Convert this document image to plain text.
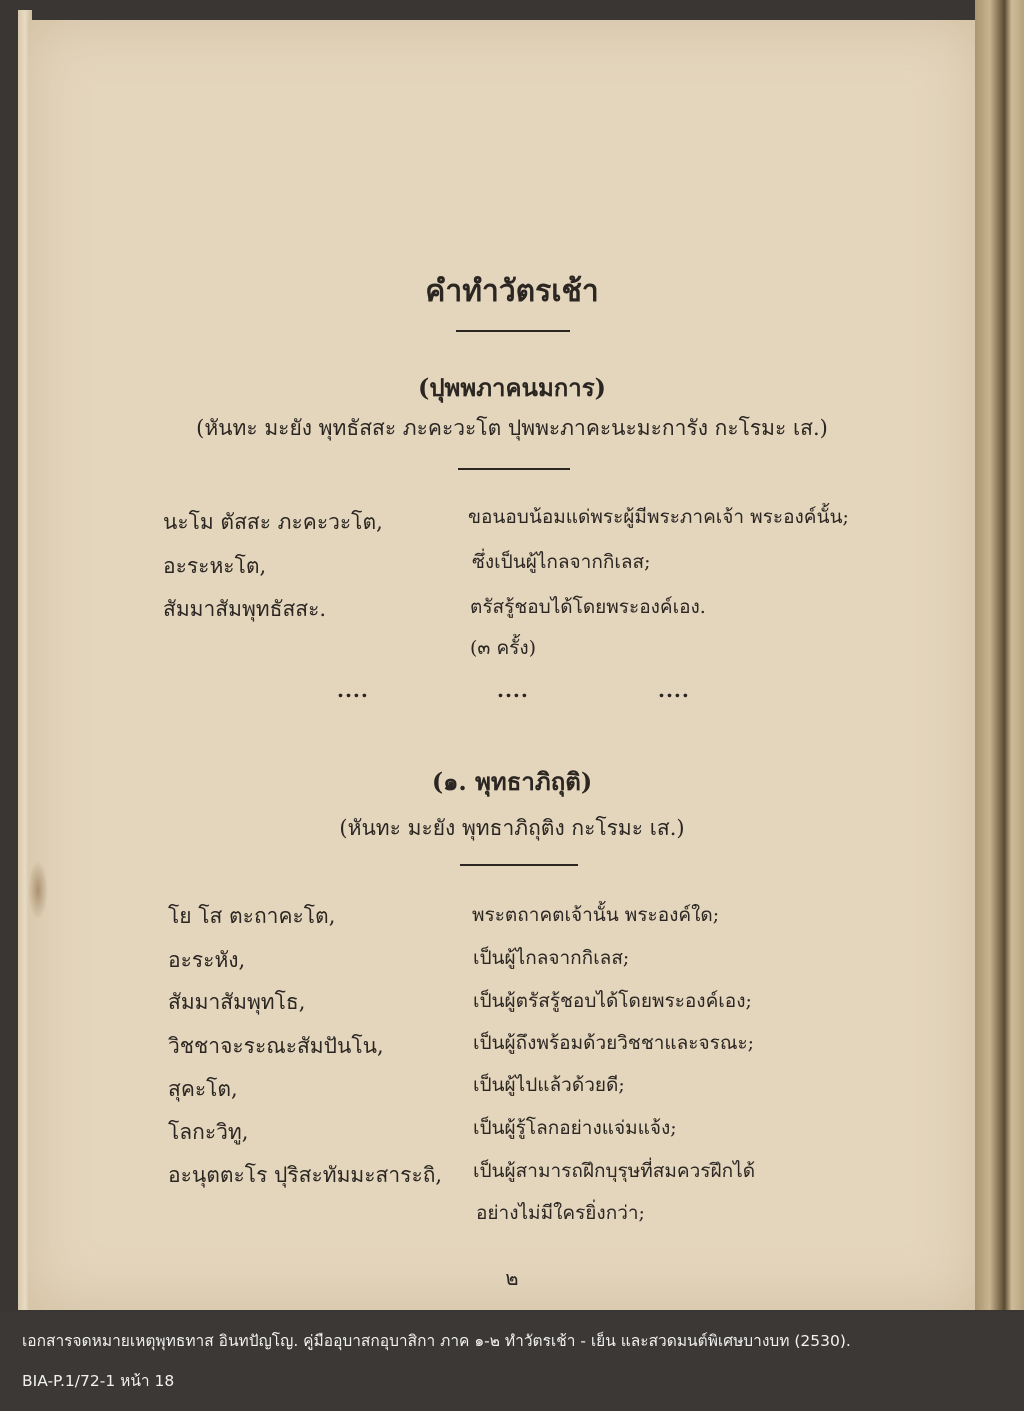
คำทำวัตรเช้า
(ปุพพภาคนมการ)
(หันทะ มะยัง พุทธัสสะ ภะคะวะโต ปุพพะภาคะนะมะการัง กะโรมะ เส.)
นะโม ตัสสะ ภะคะวะโต,	ขอนอบน้อมแด่พระผู้มีพระภาคเจ้า พระองค์นั้น;
อะระหะโต,	ซึ่งเป็นผู้ไกลจากกิเลส;
สัมมาสัมพุทธัสสะ.	ตรัสรู้ชอบได้โดยพระองค์เอง.
(๓ ครั้ง)
....	....	....
(๑. พุทธาภิถุติ)
(หันทะ มะยัง พุทธาภิถุติง กะโรมะ เส.)
โย โส ตะถาคะโต,	พระตถาคตเจ้านั้น พระองค์ใด;
อะระหัง,	เป็นผู้ไกลจากกิเลส;
สัมมาสัมพุทโธ,	เป็นผู้ตรัสรู้ชอบได้โดยพระองค์เอง;
วิชชาจะระณะสัมปันโน,	เป็นผู้ถึงพร้อมด้วยวิชชาและจรณะ;
สุคะโต,	เป็นผู้ไปแล้วด้วยดี;
โลกะวิทู,	เป็นผู้รู้โลกอย่างแจ่มแจ้ง;
อะนุตตะโร ปุริสะทัมมะสาระถิ, เป็นผู้สามารถฝึกบุรุษที่สมควรฝึกได้
อย่างไม่มีใครยิ่งกว่า;
๒
เอกสารจดหมายเหตุพุทธทาส อินทปัญโญ. คู่มืออุบาสกอุบาสิกา ภาค ๑-๒ ทำวัตรเช้า - เย็น และสวดมนต์พิเศษบางบท (2530).
BIA-P.1/72-1 หน้า 18
